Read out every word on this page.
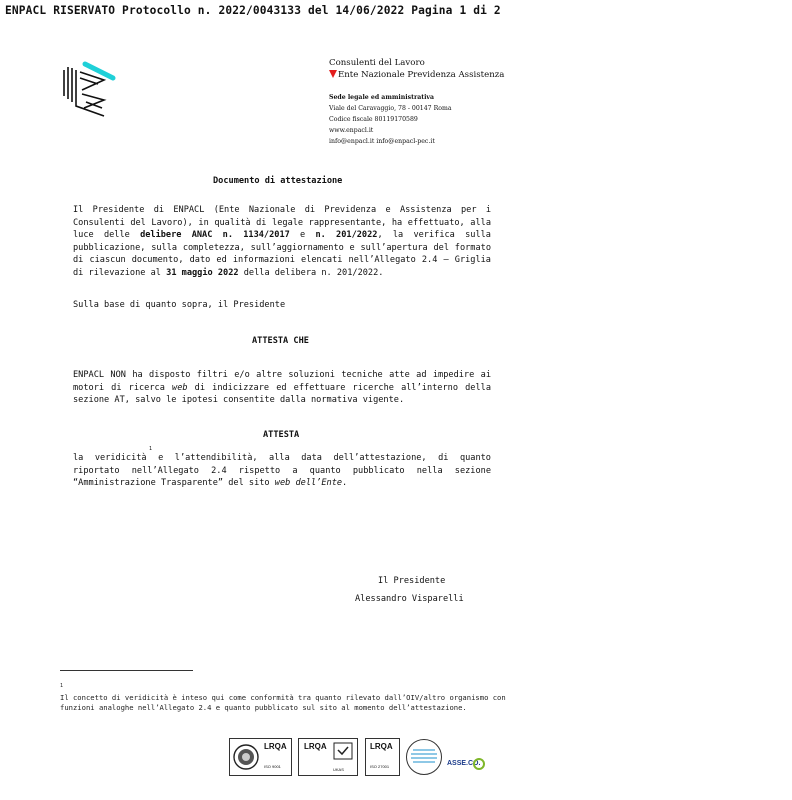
ENPACL RISERVATO Protocollo n. 2022/0043133 del 14/06/2022 Pagina 1 di 2
Consulenti del Lavoro
Ente Nazionale Previdenza Assistenza
Sede legale ed amministrativa
Viale del Caravaggio, 78 - 00147 Roma
Codice fiscale 80119170589
www.enpacl.it
info@enpacl.it info@enpacl-pec.it
Documento di attestazione
Il Presidente di ENPACL (Ente Nazionale di Previdenza e Assistenza per i Consulenti del Lavoro), in qualità di legale rappresentante, ha effettuato, alla luce delle delibere ANAC n. 1134/2017 e n. 201/2022, la verifica sulla pubblicazione, sulla completezza, sull’aggiornamento e sull’apertura del formato di ciascun documento, dato ed informazioni elencati nell’Allegato 2.4 – Griglia di rilevazione al 31 maggio 2022 della delibera n. 201/2022.
Sulla base di quanto sopra, il Presidente
ATTESTA CHE
ENPACL NON ha disposto filtri e/o altre soluzioni tecniche atte ad impedire ai motori di ricerca web di indicizzare ed effettuare ricerche all’interno della sezione AT, salvo le ipotesi consentite dalla normativa vigente.
ATTESTA
1
la veridicità e l’attendibilità, alla data dell’attestazione, di quanto riportato nell’Allegato 2.4 rispetto a quanto pubblicato nella sezione “Amministrazione Trasparente” del sito web dell’Ente.
Il Presidente
Alessandro Visparelli
$^1$
Il concetto di veridicità è inteso qui come conformità tra quanto rilevato dall’OIV/altro organismo con funzioni analoghe nell’Allegato 2.4 e quanto pubblicato sul sito al momento dell’attestazione.
LRQA
ISO 9001
LRQA
UKAS
LRQA
ISO 27001	ASSE.CO.
